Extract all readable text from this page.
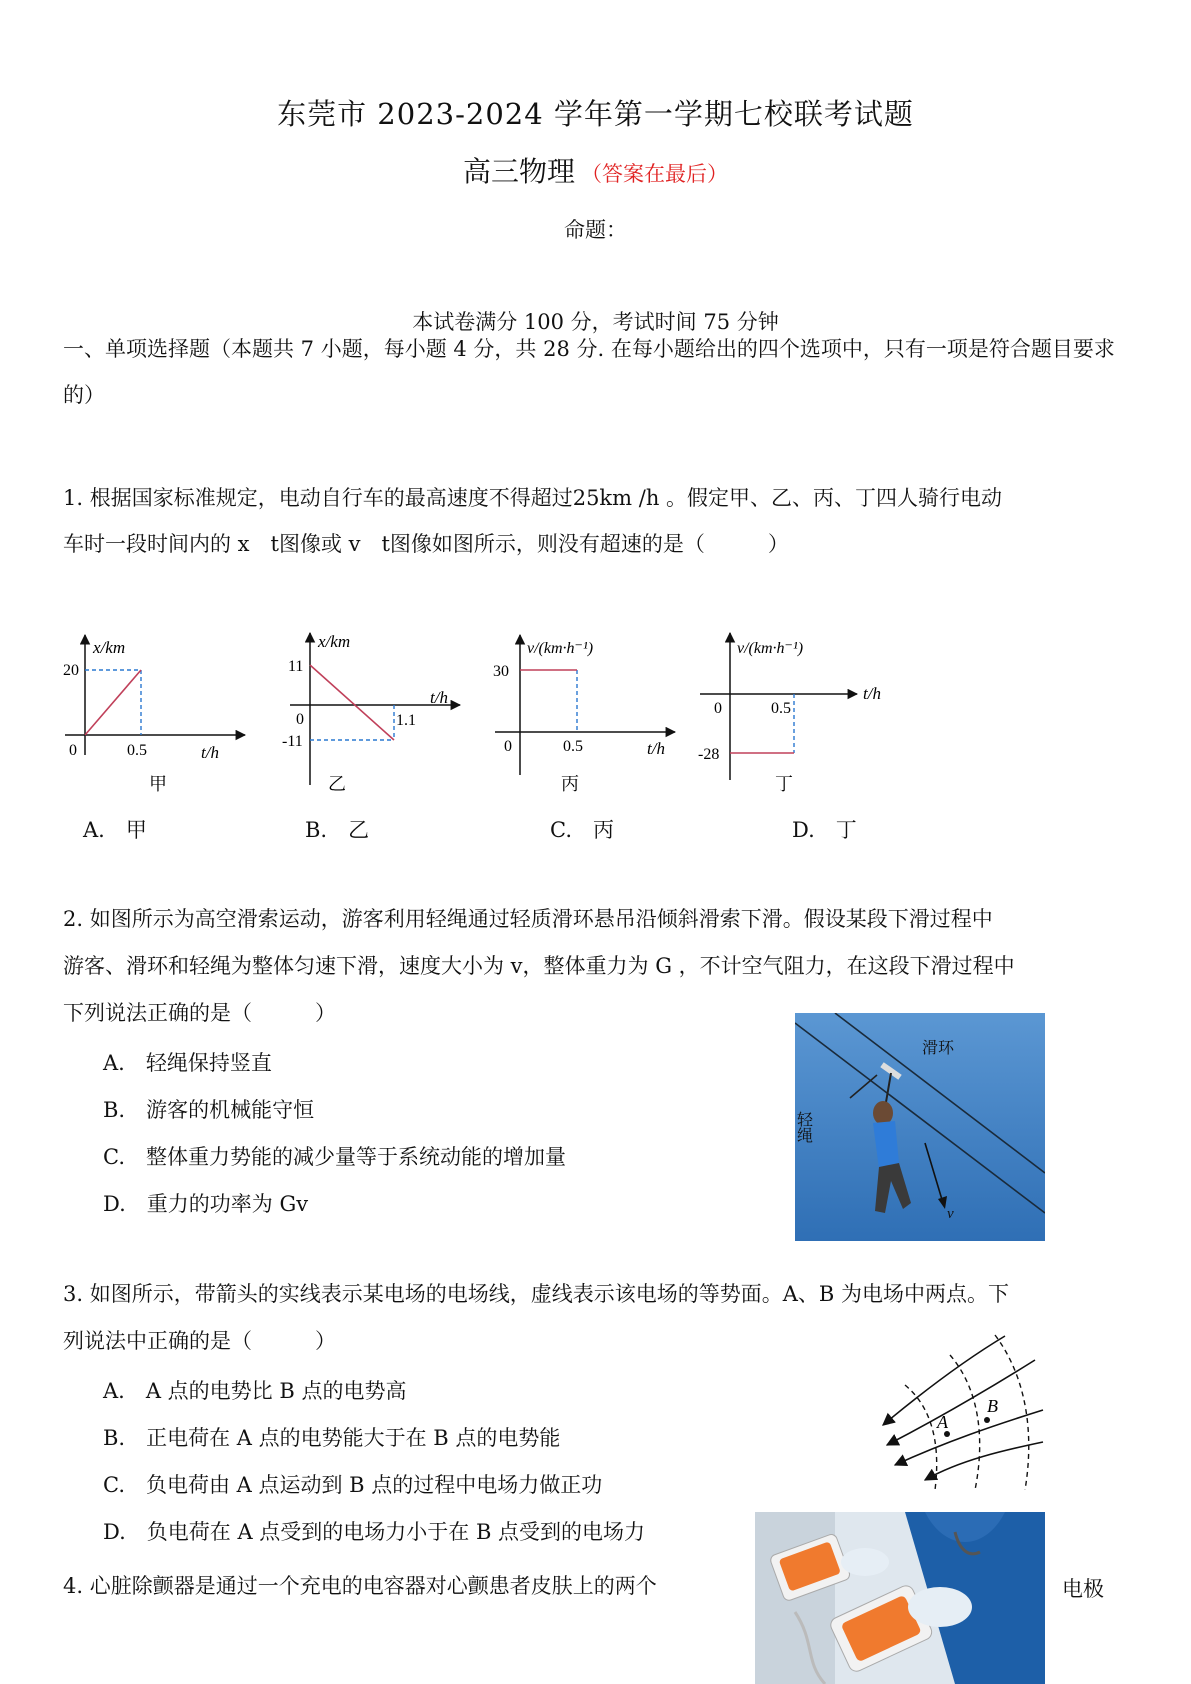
东莞市 2023-2024 学年第一学期七校联考试题
高三物理 （答案在最后）
命题：
本试卷满分 100 分，考试时间 75 分钟
一、单项选择题（本题共 7 小题，每小题 4 分，共 28 分. 在每小题给出的四个选项中，只有一项是符合题目要求的）
1. 根据国家标准规定，电动自行车的最高速度不得超过25km /h 。假定甲、乙、丙、丁四人骑行电动
车时一段时间内的 x　t图像或 v　t图像如图所示，则没有超速的是（　　　）
x/km
t/h
20
0.5
0
甲
x/km
t/h
11
-11
1.1
0
乙
v/(km·h⁻¹)
t/h
30
0.5
0
丙
v/(km·h⁻¹)
t/h
-28
0.5
0
丁
A.　甲	B.　乙	C.　丙	D.　丁
2. 如图所示为高空滑索运动，游客利用轻绳通过轻质滑环悬吊沿倾斜滑索下滑。假设某段下滑过程中
游客、滑环和轻绳为整体匀速下滑，速度大小为 v，整体重力为 G ，不计空气阻力，在这段下滑过程中
下列说法正确的是（　　　）
A.　轻绳保持竖直
B.　游客的机械能守恒
C.　整体重力势能的减少量等于系统动能的增加量
D.　重力的功率为 Gv
滑环
轻绳
v
3. 如图所示，带箭头的实线表示某电场的电场线，虚线表示该电场的等势面。A、B 为电场中两点。下
列说法中正确的是（　　　）
A.　A 点的电势比 B 点的电势高
B.　正电荷在 A 点的电势能大于在 B 点的电势能
C.　负电荷由 A 点运动到 B 点的过程中电场力做正功
D.　负电荷在 A 点受到的电场力小于在 B 点受到的电场力
A
B
4. 心脏除颤器是通过一个充电的电容器对心颤患者皮肤上的两个	电极
